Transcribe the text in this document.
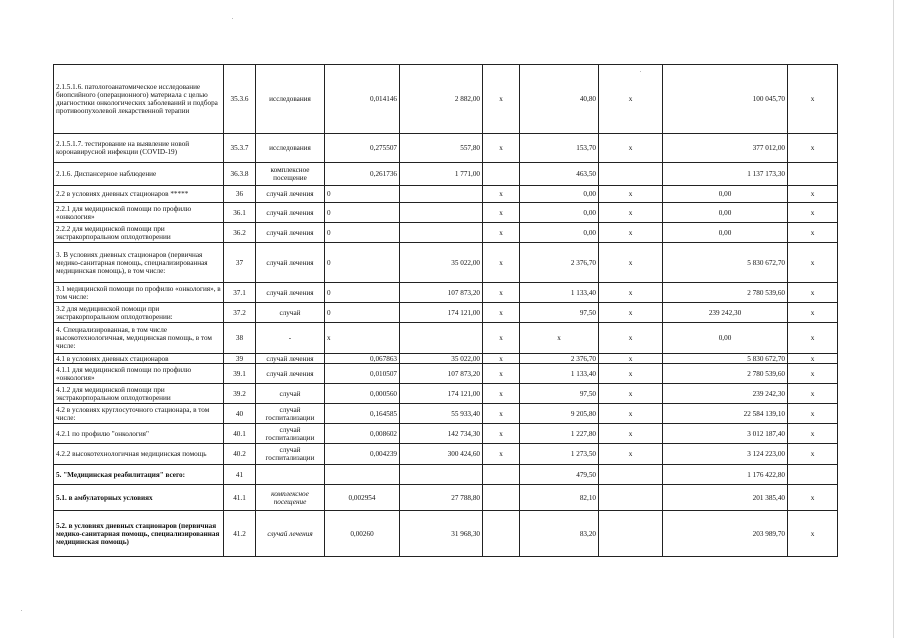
2.1.5.1.6. патологоанатомическое исследование биопсийного (операционного) материала с целью диагностики онкологических заболеваний и подбора противоопухолевой лекарственной терапии	35.3.6	исследования	0,014146	2 882,00	x	40,80	x	100 045,70	x
2.1.5.1.7. тестирование на выявление новой коронавирусной инфекции (COVID-19)	35.3.7	исследования	0,275507	557,80	x	153,70	x	377 012,00	x
2.1.6. Диспансерное наблюдение	36.3.8	комплексное посещение	0,261736	1 771,00		463,50		1 137 173,30	
2.2 в условиях дневных стационаров *****	36	случай лечения	0		x	0,00	x	0,00	x
2.2.1 для медицинской помощи по профилю «онкология»	36.1	случай лечения	0		x	0,00	x	0,00	x
2.2.2 для медицинской помощи при экстракорпоральном оплодотворении	36.2	случай лечения	0		x	0,00	x	0,00	x
3. В условиях дневных стационаров (первичная медико-санитарная помощь, специализированная медицинская помощь), в том числе:	37	случай лечения	0	35 022,00	x	2 376,70	x	5 830 672,70	x
3.1 медицинской помощи по профилю «онкология», в том числе:	37.1	случай лечения	0	107 873,20	x	1 133,40	x	2 780 539,60	x
3.2 для медицинской помощи при экстракорпоральном оплодотворении:	37.2	случай	0	174 121,00	x	97,50	x	239 242,30	x
4. Специализированная, в том числе высокотехнологичная, медицинская помощь, в том числе:	38	-	x		x	x	x	0,00	x
4.1 в условиях дневных стационаров	39	случай лечения	0,067863	35 022,00	x	2 376,70	x	5 830 672,70	x
4.1.1 для медицинской помощи по профилю «онкология»	39.1	случай лечения	0,010507	107 873,20	x	1 133,40	x	2 780 539,60	x
4.1.2 для медицинской помощи при экстракорпоральном оплодотворении	39.2	случай	0,000560	174 121,00	x	97,50	x	239 242,30	x
4.2 в условиях круглосуточного стационара, в том числе:	40	случай госпитализации	0,164585	55 933,40	x	9 205,80	x	22 584 139,10	x
4.2.1 по профилю "онкология"	40.1	случай госпитализации	0,008602	142 734,30	x	1 227,80	x	3 012 187,40	x
4.2.2 высокотехнологичная медицинская помощь	40.2	случай госпитализации	0,004239	300 424,60	x	1 273,50	x	3 124 223,00	x
5. "Медицинская реабилитация" всего:	41					479,50		1 176 422,80	
5.1. в амбулаторных условиях	41.1	комплексное посещение	0,002954	27 788,80		82,10		201 385,40	x
5.2. в условиях дневных стационаров (первичная медико-санитарная помощь, специализированная медицинская помощь)	41.2	случай лечения	0,00260	31 968,30		83,20		203 989,70	x
